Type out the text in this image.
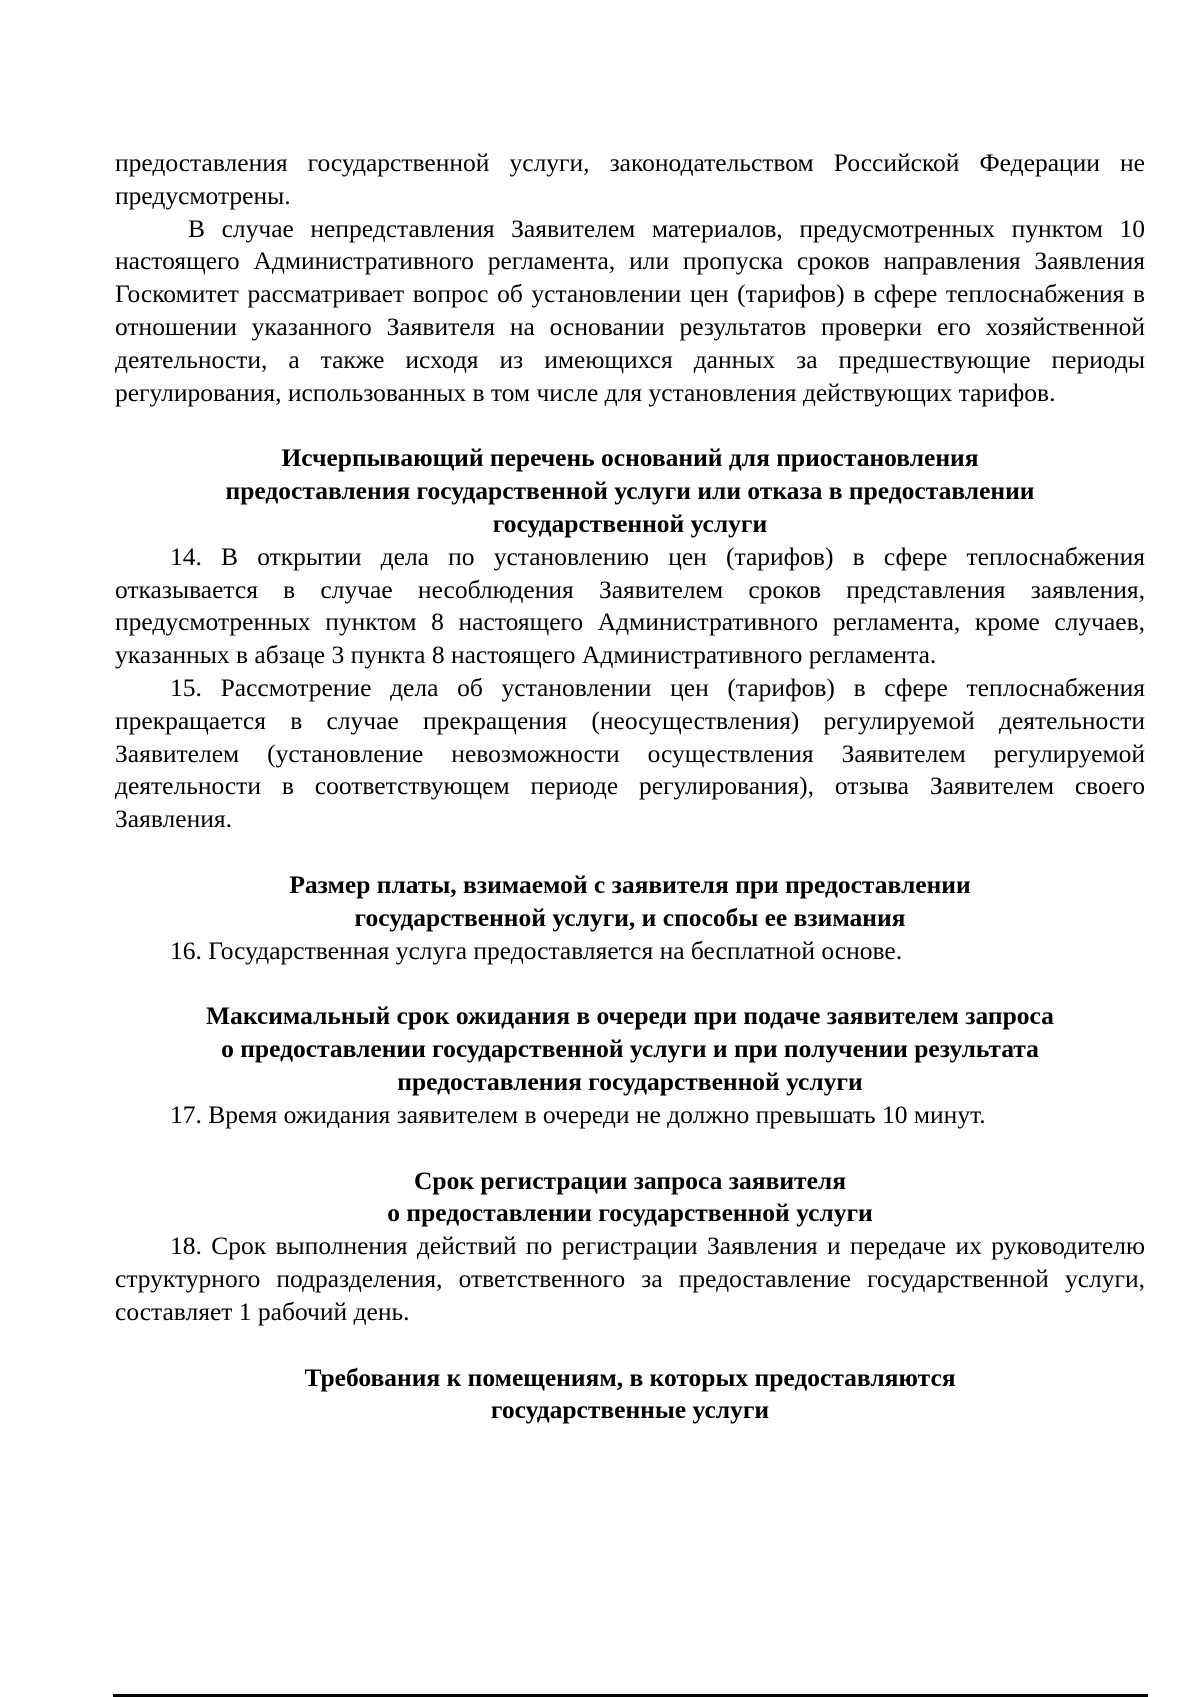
предоставления государственной услуги, законодательством Российской Федерации не предусмотрены.

В случае непредставления Заявителем материалов, предусмотренных пунктом 10 настоящего Административного регламента, или пропуска сроков направления Заявления Госкомитет рассматривает вопрос об установлении цен (тарифов) в сфере теплоснабжения в отношении указанного Заявителя на основании результатов проверки его хозяйственной деятельности, а также исходя из имеющихся данных за предшествующие периоды регулирования, использованных в том числе для установления действующих тарифов.

Исчерпывающий перечень оснований для приостановления
предоставления государственной услуги или отказа в предоставлении
государственной услуги

14. В открытии дела по установлению цен (тарифов) в сфере теплоснабжения отказывается в случае несоблюдения Заявителем сроков представления заявления, предусмотренных пунктом 8 настоящего Административного регламента, кроме случаев, указанных в абзаце 3 пункта 8 настоящего Административного регламента.

15. Рассмотрение дела об установлении цен (тарифов) в сфере теплоснабжения прекращается в случае прекращения (неосуществления) регулируемой деятельности Заявителем (установление невозможности осуществления Заявителем регулируемой деятельности в соответствующем периоде регулирования), отзыва Заявителем своего Заявления.

Размер платы, взимаемой с заявителя при предоставлении
государственной услуги, и способы ее взимания

16. Государственная услуга предоставляется на бесплатной основе.

Максимальный срок ожидания в очереди при подаче заявителем запроса
о предоставлении государственной услуги и при получении результата
предоставления государственной услуги

17. Время ожидания заявителем в очереди не должно превышать 10 минут.

Срок регистрации запроса заявителя
о предоставлении государственной услуги

18. Срок выполнения действий по регистрации Заявления и передаче их руководителю структурного подразделения, ответственного за предоставление государственной услуги, составляет 1 рабочий день.

Требования к помещениям, в которых предоставляются
государственные услуги
